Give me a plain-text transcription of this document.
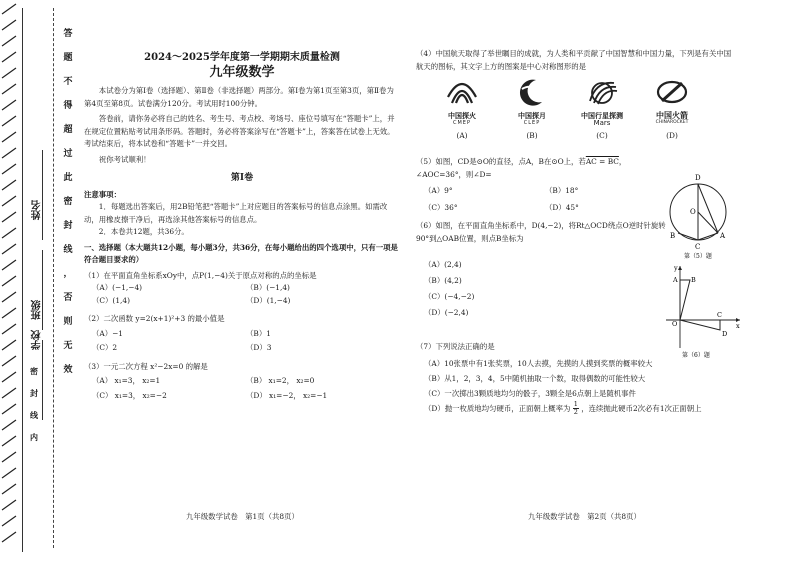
姓名
班级
学校
答
题
不
得
超
过
此
密
封
线
，
否
则
无
效
密
封
线
内
2024～2025学年度第一学期期末质量检测
九年级数学

本试卷分为第Ⅰ卷（选择题）、第Ⅱ卷（非选择题）两部分。第Ⅰ卷为第1页至第3页，第Ⅱ卷为第4页至第8页。试卷满分120分。考试用时100分钟。

答卷前，请你务必将自己的姓名、考生号、考点校、考场号、座位号填写在“答题卡”上，并在规定位置粘贴考试用条形码。答题时，务必将答案涂写在“答题卡”上，答案答在试卷上无效。考试结束后，将本试卷和“答题卡”一并交回。

祝你考试顺利！

第Ⅰ卷

注意事项：

1．每题选出答案后，用2B铅笔把“答题卡”上对应题目的答案标号的信息点涂黑。如需改动，用橡皮擦干净后，再选涂其他答案标号的信息点。

2．本卷共12题，共36分。

一、选择题（本大题共12小题，每小题3分，共36分，在每小题给出的四个选项中，只有一项是符合题目要求的）

（1）在平面直角坐标系xOy中，点P(1,−4)关于原点对称的点的坐标是

（A）(−1,−4)	（B）(−1,4)
（C）(1,4)	（D）(1,−4)

（2）二次函数 y=2(x+1)²+3 的最小值是

（A）−1	（B）1
（C）2	（D）3

（3）一元二次方程 x²−2x=0 的解是

（A） x₁=3， x₂=1	（B） x₁=2， x₂=0
（C） x₁=3， x₂=−2	（D） x₁=−2， x₂=−1
九年级数学试卷　第1页（共8页）

（4）中国航天取得了举世瞩目的成就，为人类和平贡献了中国智慧和中国力量，下列是有关中国航天的图标，其文字上方的图案是中心对称图形的是

中国探火
CMEP
中国探月
CLEP
中国行星探测
Mars
中国火箭
CHINAROCKET
(A)	(B)	(C)	(D)

（5）如图，CD是⊙O的直径，点A，B在⊙O上，若AC = BC，

∠AOC=36°，则∠D=

（A）9°	（B）18°
（C）36°	（D）45°

（6）如图，在平面直角坐标系中，D(4,−2)，将Rt△OCD绕点O逆时针旋转90°到△OAB位置，则点B坐标为

（A）(2,4)

（B）(4,2)

（C）(−4,−2)

（D）(−2,4)

（7）下列说法正确的是

（A）10张票中有1张奖票，10人去摸，先摸的人摸到奖票的概率较大

（B）从1，2，3，4，5中随机抽取一个数，取得偶数的可能性较大

（C）一次掷出3颗质地均匀的骰子，3颗全是6点朝上是随机事件

（D）抛一枚质地均匀硬币，正面朝上概率为 $\frac{1}{2}$ ，连续抛此硬币2次必有1次正面朝上

D
O
A
B
C
第（5）题
y
x
O
A B
C
D
第（6）题
九年级数学试卷　第2页（共8页）
